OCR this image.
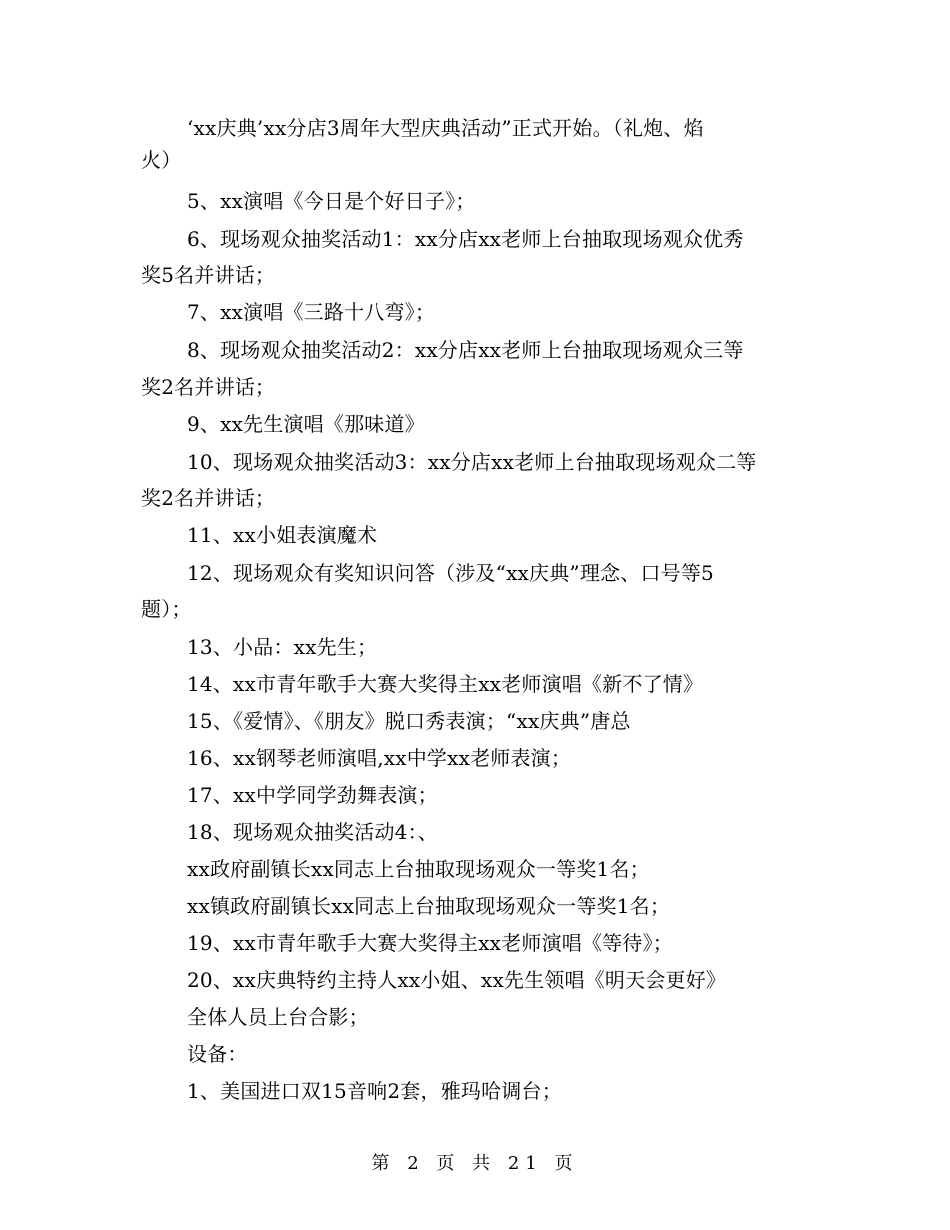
‘xx庆典’xx分店3周年大型庆典活动”正式开始。（礼炮、焰
火）
5、xx演唱《今日是个好日子》；
6、现场观众抽奖活动1：xx分店xx老师上台抽取现场观众优秀
奖5名并讲话；
7、xx演唱《三路十八弯》；
8、现场观众抽奖活动2：xx分店xx老师上台抽取现场观众三等
奖2名并讲话；
9、xx先生演唱《那味道》
10、现场观众抽奖活动3：xx分店xx老师上台抽取现场观众二等
奖2名并讲话；
11、xx小姐表演魔术
12、现场观众有奖知识问答（涉及“xx庆典”理念、口号等5
题）；
13、小品：xx先生；
14、xx市青年歌手大赛大奖得主xx老师演唱《新不了情》
15、《爱情》、《朋友》脱口秀表演；“xx庆典”唐总
16、xx钢琴老师演唱,xx中学xx老师表演；
17、xx中学同学劲舞表演；
18、现场观众抽奖活动4：、
xx政府副镇长xx同志上台抽取现场观众一等奖1名；
xx镇政府副镇长xx同志上台抽取现场观众一等奖1名；
19、xx市青年歌手大赛大奖得主xx老师演唱《等待》；
20、xx庆典特约主持人xx小姐、xx先生领唱《明天会更好》
全体人员上台合影；
设备：
1、美国进口双15音响2套，雅玛哈调台；
第 2 页 共 21 页
